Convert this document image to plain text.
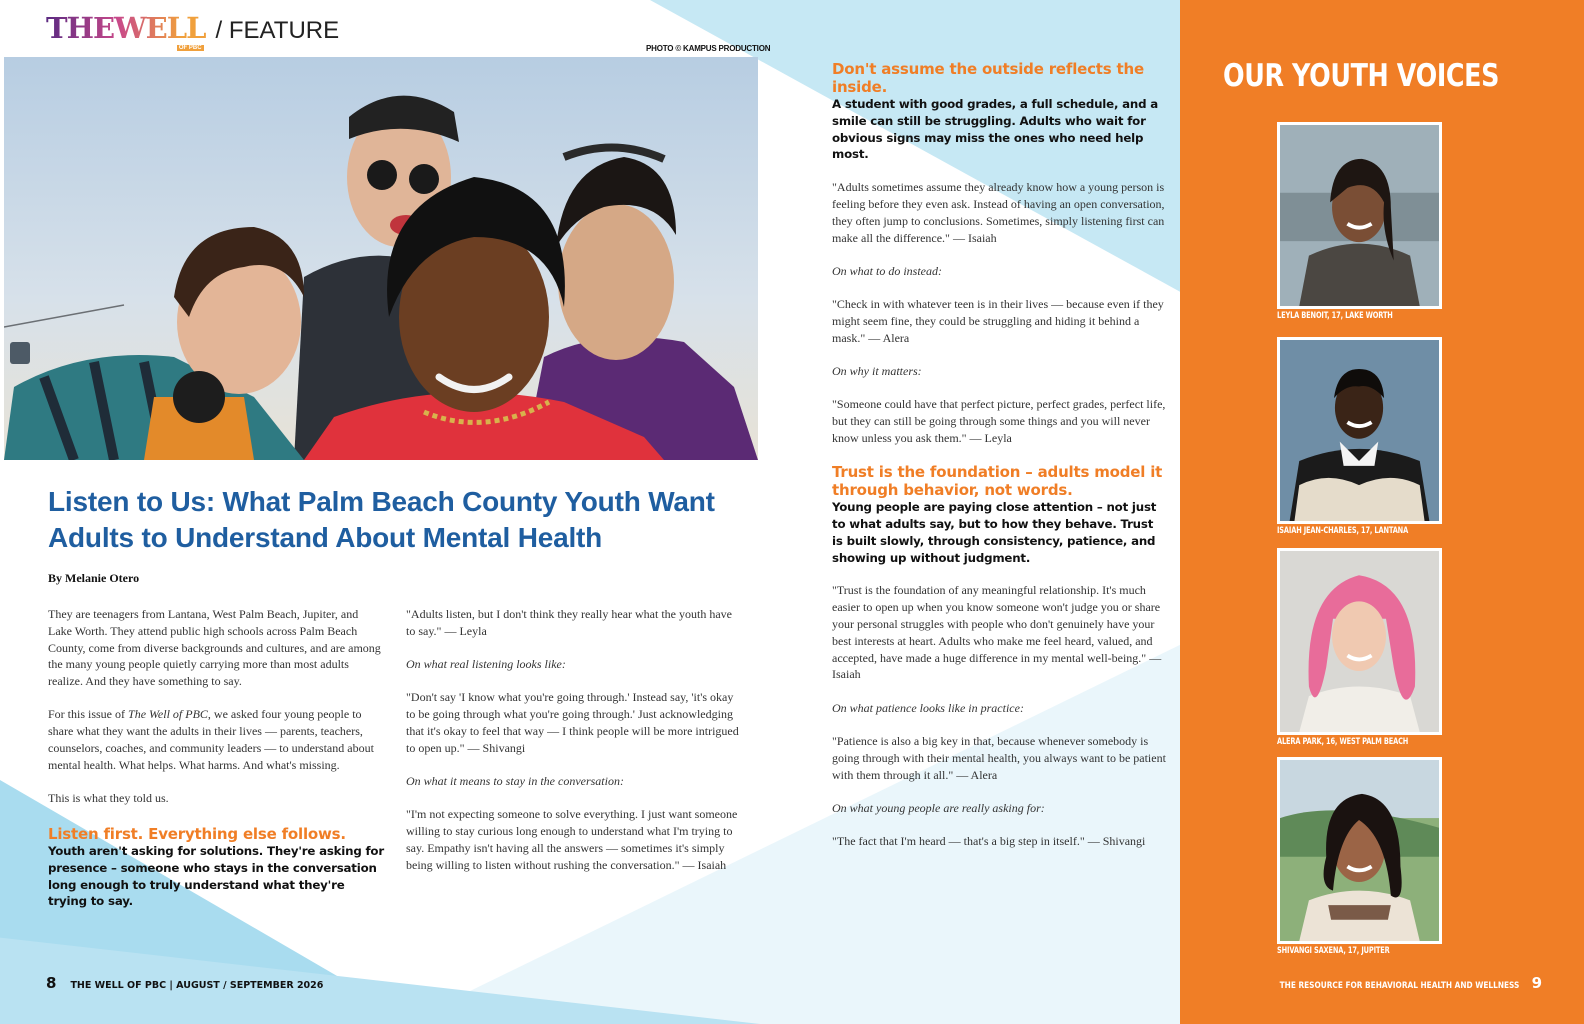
THEWELL
OF PBC
/ FEATURE
PHOTO © KAMPUS PRODUCTION
Listen to Us: What Palm Beach County Youth Want Adults to Understand About Mental Health
By Melanie Otero

They are teenagers from Lantana, West Palm Beach, Jupiter, and Lake Worth. They attend public high schools across Palm Beach County, come from diverse backgrounds and cultures, and are among the many young people quietly carrying more than most adults realize. And they have something to say.

For this issue of The Well of PBC, we asked four young people to share what they want the adults in their lives — parents, teachers, counselors, coaches, and community leaders — to understand about mental health. What helps. What harms. And what's missing.

This is what they told us.

Listen first. Everything else follows.
Youth aren't asking for solutions. They're asking for presence – someone who stays in the conversation long enough to truly understand what they're trying to say.

"Adults listen, but I don't think they really hear what the youth have to say." — Leyla

On what real listening looks like:

"Don't say 'I know what you're going through.' Instead say, 'it's okay to be going through what you're going through.' Just acknowledging that it's okay to feel that way — I think people will be more intrigued to open up." — Shivangi

On what it means to stay in the conversation:

"I'm not expecting someone to solve everything. I just want someone willing to stay curious long enough to understand what I'm trying to say. Empathy isn't having all the answers — sometimes it's simply being willing to listen without rushing the conversation." — Isaiah

Don't assume the outside reflects the inside.
A student with good grades, a full schedule, and a smile can still be struggling. Adults who wait for obvious signs may miss the ones who need help most.

"Adults sometimes assume they already know how a young person is feeling before they even ask. Instead of having an open conversation, they often jump to conclusions. Sometimes, simply listening first can make all the difference." — Isaiah

On what to do instead:

"Check in with whatever teen is in their lives — because even if they might seem fine, they could be struggling and hiding it behind a mask." — Alera

On why it matters:

"Someone could have that perfect picture, perfect grades, perfect life, but they can still be going through some things and you will never know unless you ask them." — Leyla

Trust is the foundation – adults model it through behavior, not words.
Young people are paying close attention – not just to what adults say, but to how they behave. Trust is built slowly, through consistency, patience, and showing up without judgment.

"Trust is the foundation of any meaningful relationship. It's much easier to open up when you know someone won't judge you or share your personal struggles with people who don't genuinely have your best interests at heart. Adults who make me feel heard, valued, and accepted, have made a huge difference in my mental well-being." — Isaiah

On what patience looks like in practice:

"Patience is also a big key in that, because whenever somebody is going through with their mental health, you always want to be patient with them through it all." — Alera

On what young people are really asking for:

"The fact that I'm heard — that's a big step in itself." — Shivangi

8 THE WELL OF PBC | AUGUST / SEPTEMBER 2026
OUR YOUTH VOICES
LEYLA BENOIT, 17, LAKE WORTH
ISAIAH JEAN-CHARLES, 17, LANTANA
ALERA PARK, 16, WEST PALM BEACH
SHIVANGI SAXENA, 17, JUPITER
THE RESOURCE FOR BEHAVIORAL HEALTH AND WELLNESS 9
